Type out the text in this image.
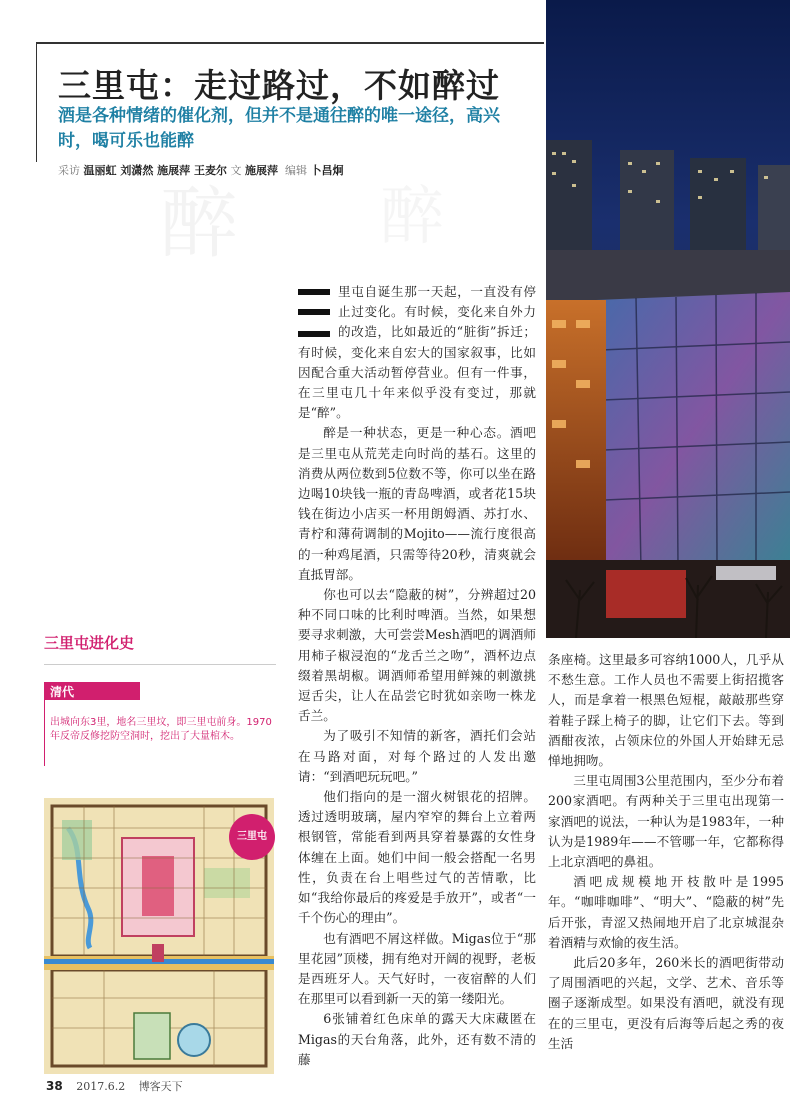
三里屯：走过路过，不如醉过
酒是各种情绪的催化剂，但并不是通往醉的唯一途径，高兴时，喝可乐也能醉
采访 温丽虹 刘潇然 施展萍 王麦尔 文 施展萍 编辑 卜昌炯
醉 醉

里屯自诞生那一天起，一直没有停止过变化。有时候，变化来自外力的改造，比如最近的“脏街”拆迁；有时候，变化来自宏大的国家叙事，比如因配合重大活动暂停营业。但有一件事，在三里屯几十年来似乎没有变过，那就是“醉”。

醉是一种状态，更是一种心态。酒吧是三里屯从荒芜走向时尚的基石。这里的消费从两位数到5位数不等，你可以坐在路边喝10块钱一瓶的青岛啤酒，或者花15块钱在街边小店买一杯用朗姆酒、苏打水、青柠和薄荷调制的Mojito——流行度很高的一种鸡尾酒，只需等待20秒，清爽就会直抵胃部。

你也可以去“隐蔽的树”，分辨超过20种不同口味的比利时啤酒。当然，如果想要寻求刺激，大可尝尝Mesh酒吧的调酒师用柿子椒浸泡的“龙舌兰之吻”，酒杯边点缀着黑胡椒。调酒师希望用鲜辣的刺激挑逗舌尖，让人在品尝它时犹如亲吻一株龙舌兰。

为了吸引不知情的新客，酒托们会站在马路对面，对每个路过的人发出邀请：“到酒吧玩玩吧。”

他们指向的是一溜火树银花的招牌。透过透明玻璃，屋内窄窄的舞台上立着两根钢管，常能看到两具穿着暴露的女性身体缠在上面。她们中间一般会搭配一名男性，负责在台上唱些过气的苦情歌，比如“我给你最后的疼爱是手放开”，或者“一千个伤心的理由”。

也有酒吧不屑这样做。Migas位于“那里花园”顶楼，拥有绝对开阔的视野，老板是西班牙人。天气好时，一夜宿醉的人们在那里可以看到新一天的第一缕阳光。

6张铺着红色床单的露天大床藏匿在Migas的天台角落，此外，还有数不清的藤

条座椅。这里最多可容纳1000人，几乎从不愁生意。工作人员也不需要上街招揽客人，而是拿着一根黑色短棍，敲敲那些穿着鞋子踩上椅子的脚，让它们下去。等到酒酣夜浓，占领床位的外国人开始肆无忌惮地拥吻。

三里屯周围3公里范围内，至少分布着200家酒吧。有两种关于三里屯出现第一家酒吧的说法，一种认为是1983年，一种认为是1989年——不管哪一年，它都称得上北京酒吧的鼻祖。

酒吧成规模地开枝散叶是1995年。“咖啡咖啡”、“明大”、“隐蔽的树”先后开张，青涩又热闹地开启了北京城混杂着酒精与欢愉的夜生活。

此后20多年，260米长的酒吧街带动了周围酒吧的兴起，文学、艺术、音乐等圈子逐渐成型。如果没有酒吧，就没有现在的三里屯，更没有后海等后起之秀的夜生活

三里屯进化史
清代
出城向东3里，地名三里坟，即三里屯前身。1970年反帝反修挖防空洞时，挖出了大量棺木。
三里屯
38 2017.6.2 博客天下
